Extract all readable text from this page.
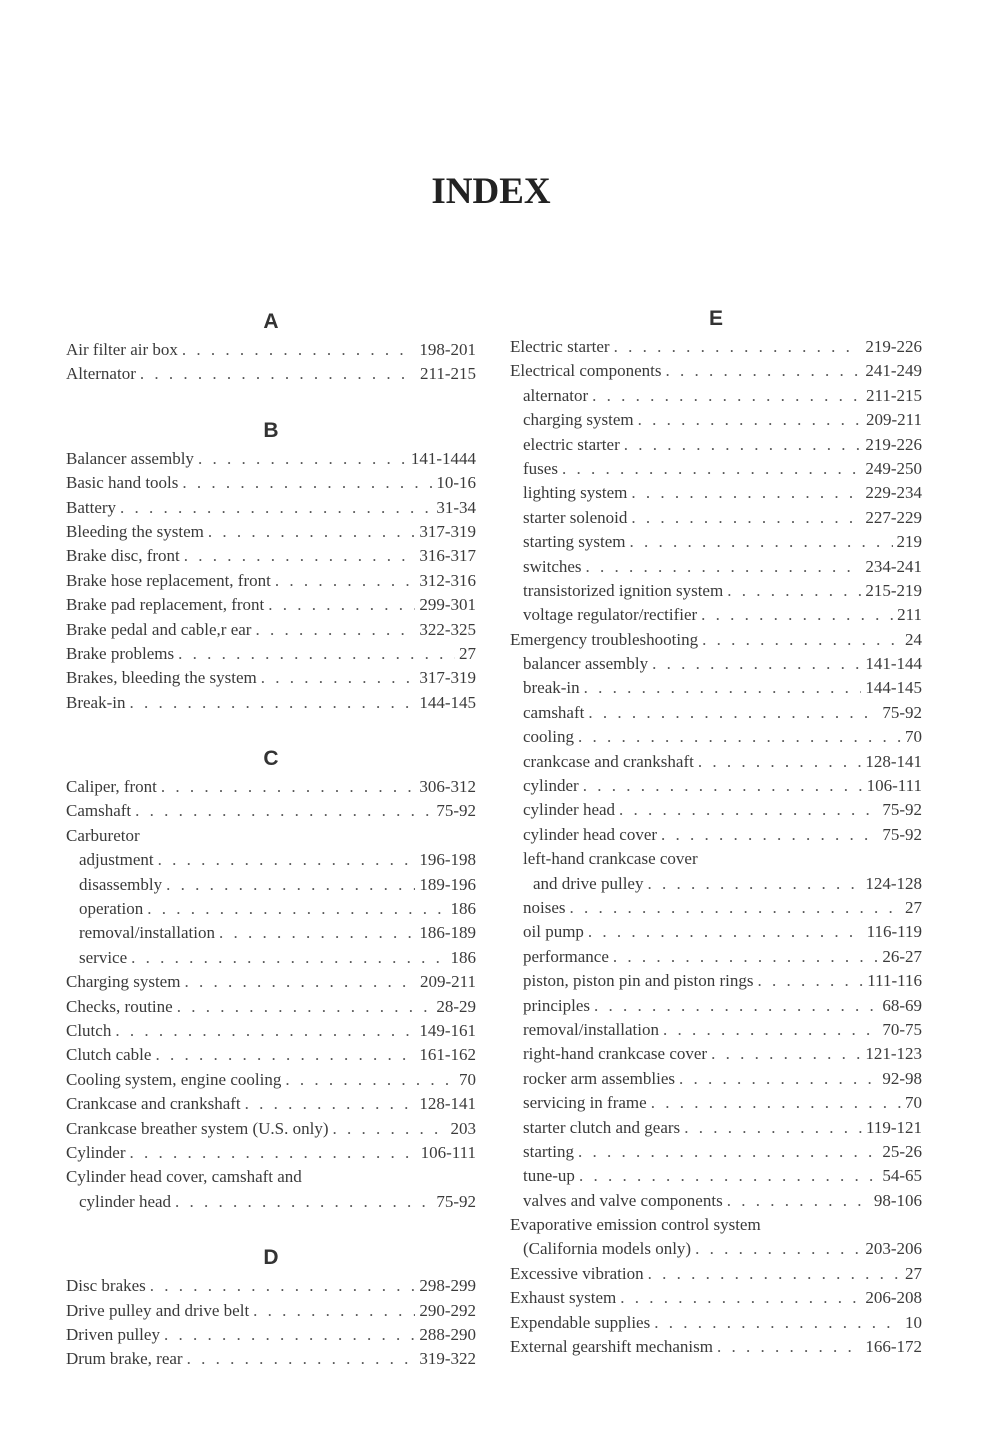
INDEX
A
Air filter air box . . .	198-201
Alternator . . .	211-215
B
Balancer assembly . . .	141-1444
Basic hand tools . . .	10-16
Battery . . .	31-34
Bleeding the system . . .	317-319
Brake disc, front . . .	316-317
Brake hose replacement, front . . .	312-316
Brake pad replacement, front . . .	299-301
Brake pedal and cable,r ear . . .	322-325
Brake problems . . .	27
Brakes, bleeding the system . . .	317-319
Break-in . . .	144-145
C
Caliper, front . . .	306-312
Camshaft . . .	75-92
Carburetor
adjustment . . .	196-198
disassembly . . .	189-196
operation . . .	186
removal/installation . . .	186-189
service . . .	186
Charging system . . .	209-211
Checks, routine . . .	28-29
Clutch . . .	149-161
Clutch cable . . .	161-162
Cooling system, engine cooling . . .	70
Crankcase and crankshaft . . .	128-141
Crankcase breather system (U.S. only) . . .	203
Cylinder . . .	106-111
Cylinder head cover, camshaft and
cylinder head . . .	75-92
D
Disc brakes . . .	298-299
Drive pulley and drive belt . . .	290-292
Driven pulley . . .	288-290
Drum brake, rear . . .	319-322
E
Electric starter . . .	219-226
Electrical components . . .	241-249
alternator . . .	211-215
charging system . . .	209-211
electric starter . . .	219-226
fuses . . .	249-250
lighting system . . .	229-234
starter solenoid . . .	227-229
starting system . . .	219
switches . . .	234-241
transistorized ignition system . . .	215-219
voltage regulator/rectifier . . .	211
Emergency troubleshooting . . .	24
balancer assembly . . .	141-144
break-in . . .	144-145
camshaft . . .	75-92
cooling . . .	70
crankcase and crankshaft . . .	128-141
cylinder . . .	106-111
cylinder head . . .	75-92
cylinder head cover . . .	75-92
left-hand crankcase cover
and drive pulley . . .	124-128
noises . . .	27
oil pump . . .	116-119
performance . . .	26-27
piston, piston pin and piston rings . . .	111-116
principles . . .	68-69
removal/installation . . .	70-75
right-hand crankcase cover . . .	121-123
rocker arm assemblies . . .	92-98
servicing in frame . . .	70
starter clutch and gears . . .	119-121
starting . . .	25-26
tune-up . . .	54-65
valves and valve components . . .	98-106
Evaporative emission control system
(California models only) . . .	203-206
Excessive vibration . . .	27
Exhaust system . . .	206-208
Expendable supplies . . .	10
External gearshift mechanism . . .	166-172
